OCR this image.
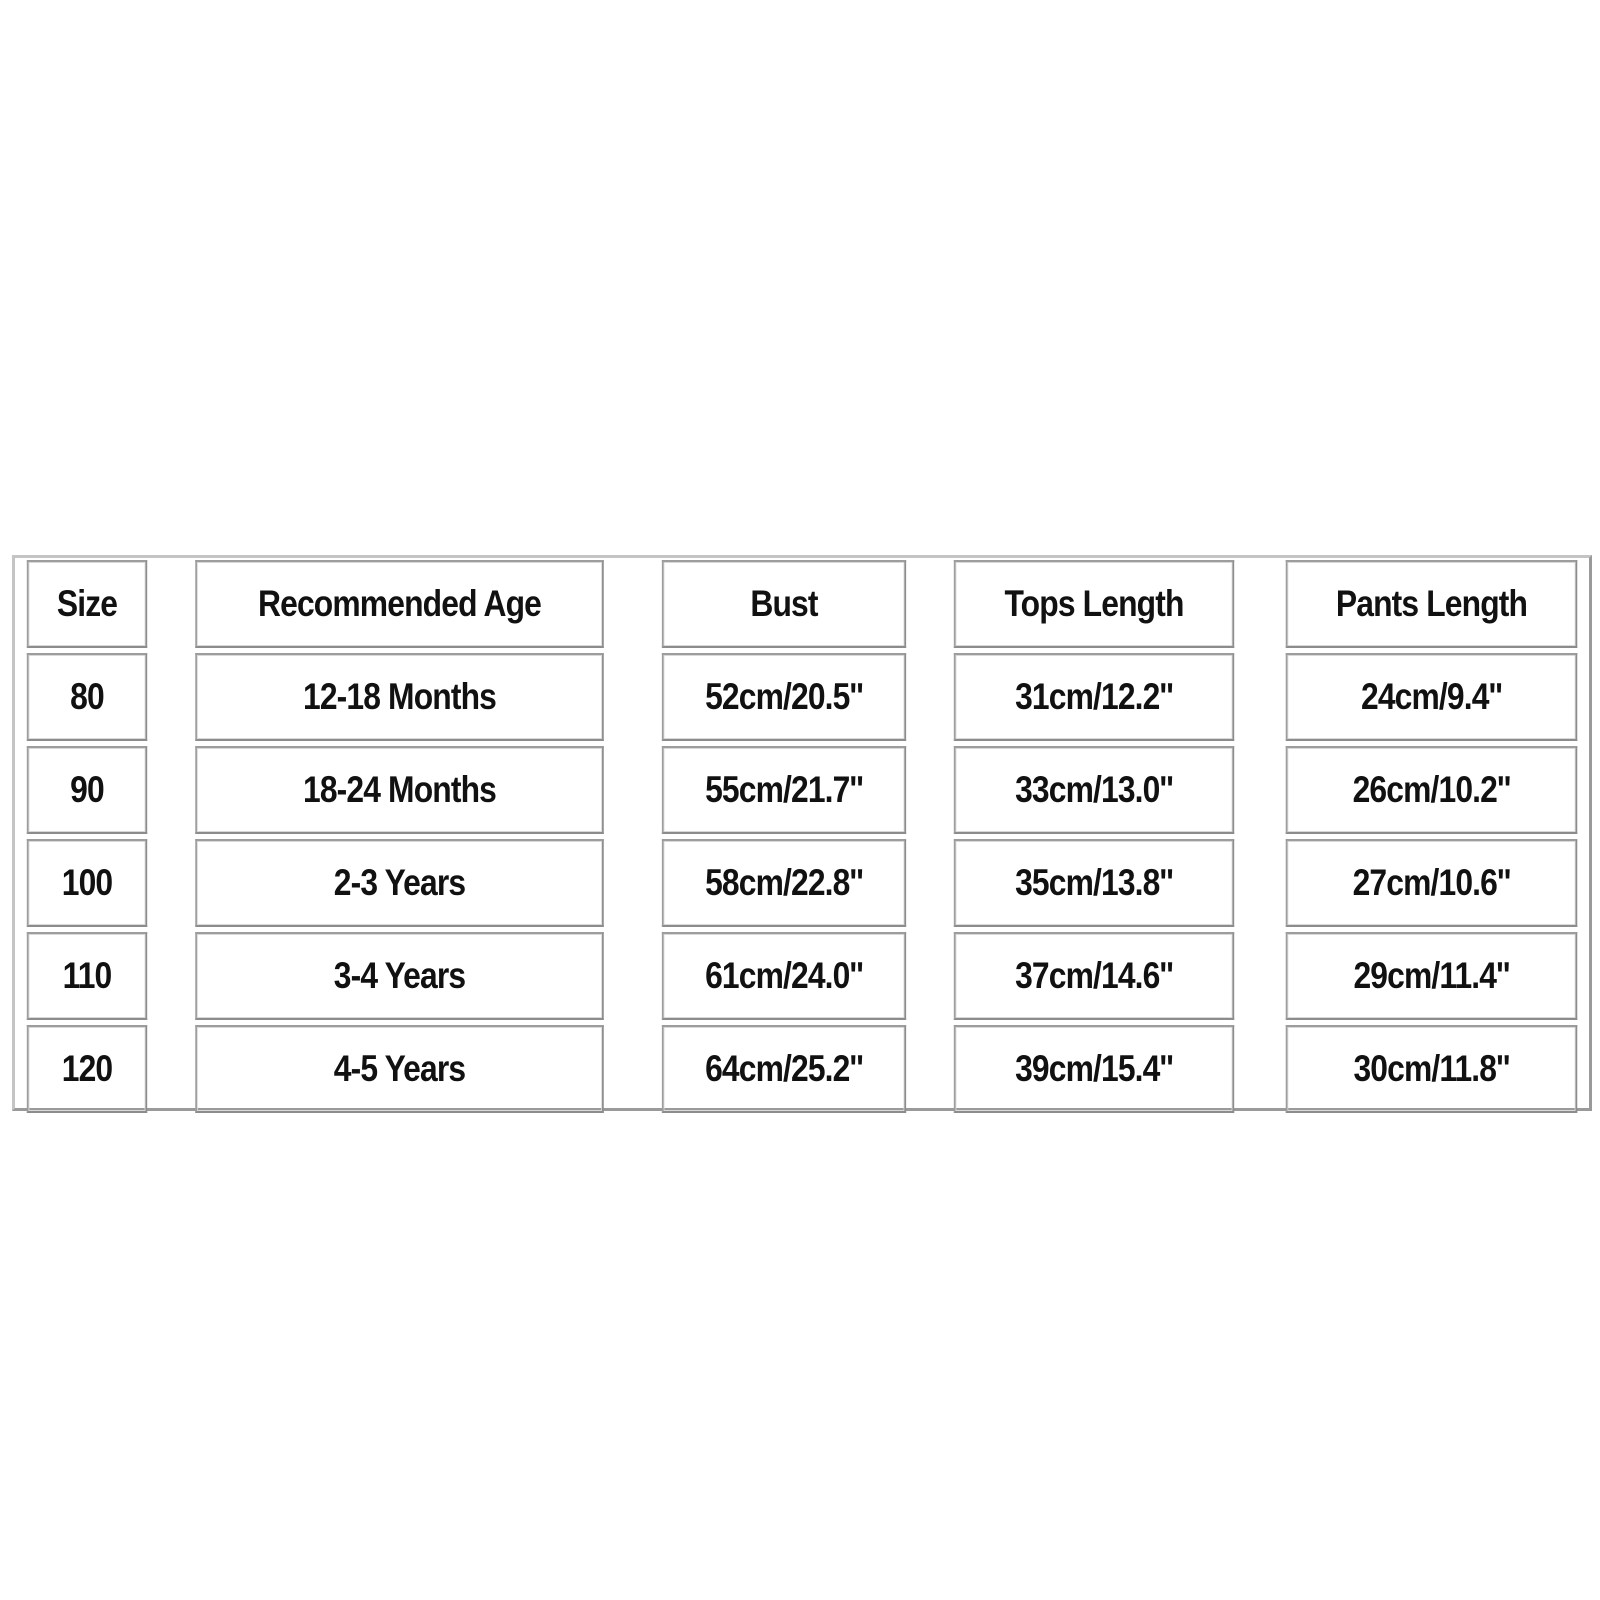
Size	Recommended Age	Bust	Tops Length	Pants Length
80	12-18 Months	52cm/20.5''	31cm/12.2''	24cm/9.4''
90	18-24 Months	55cm/21.7''	33cm/13.0''	26cm/10.2''
100	2-3 Years	58cm/22.8''	35cm/13.8''	27cm/10.6''
110	3-4 Years	61cm/24.0''	37cm/14.6''	29cm/11.4''
120	4-5 Years	64cm/25.2''	39cm/15.4''	30cm/11.8''
